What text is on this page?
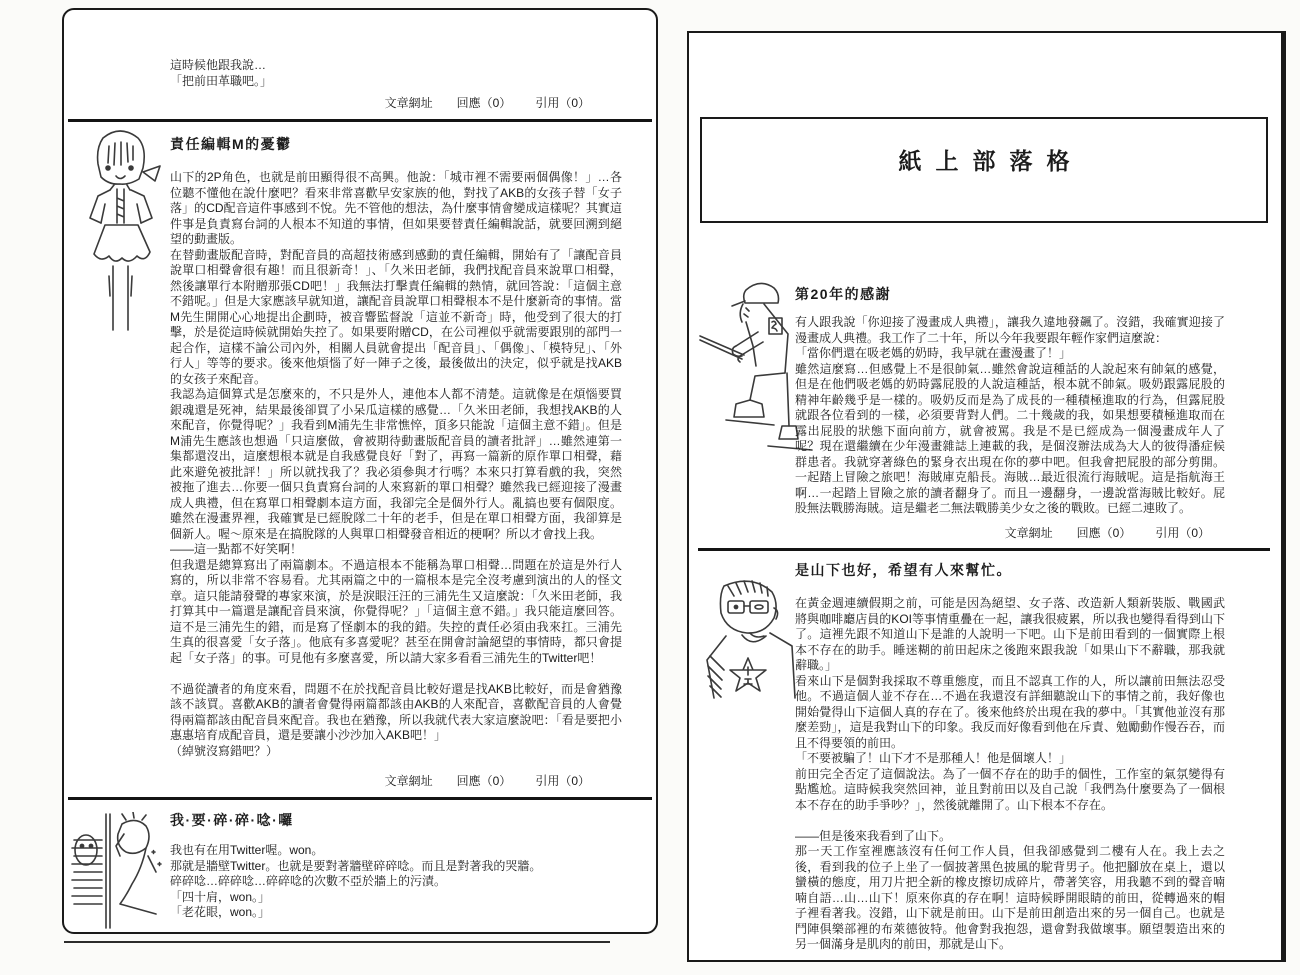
這時候他跟我說…

「把前田革職吧。」

文章網址 回應（0） 引用（0）
責任編輯M的憂鬱

山下的2P角色，也就是前田顯得很不高興。他說：「城市裡不需要兩個偶像！」…各位聽不懂他在說什麼吧？看來非常喜歡早安家族的他，對找了AKB的女孩子替「女子落」的CD配音這件事感到不悅。先不管他的想法，為什麼事情會變成這樣呢？其實這件事是負責寫台詞的人根本不知道的事情，但如果要替責任編輯說話，就要回溯到絕望的動畫版。

在替動畫版配音時，對配音員的高超技術感到感動的責任編輯，開始有了「讓配音員說單口相聲會很有趣！而且很新奇！」、「久米田老師，我們找配音員來說單口相聲，然後讓單行本附贈那張CD吧！」我無法打擊責任編輯的熱情，就回答說：「這個主意不錯呢。」但是大家應該早就知道，讓配音員說單口相聲根本不是什麼新奇的事情。當M先生開開心心地提出企劃時，被音響監督說「這並不新奇」時，他受到了很大的打擊，於是從這時候就開始失控了。如果要附贈CD，在公司裡似乎就需要跟別的部門一起合作，這樣不論公司內外，相關人員就會提出「配音員」、「偶像」、「模特兒」、「外行人」等等的要求。後來他煩惱了好一陣子之後，最後做出的決定，似乎就是找AKB的女孩子來配音。

我認為這個算式是怎麼來的，不只是外人，連他本人都不清楚。這就像是在煩惱要買銀魂還是死神，結果最後卻買了小呆瓜這樣的感覺…「久米田老師，我想找AKB的人來配音，你覺得呢？」我看到M浦先生非常憔悴，頂多只能說「這個主意不錯」。但是M浦先生應該也想過「只這麼做，會被期待動畫版配音員的讀者批評」…雖然連第一集都還沒出，這麼想根本就是自我感覺良好「對了，再寫一篇新的原作單口相聲，藉此來避免被批評！」所以就找我了？我必須參與才行嗎？本來只打算看戲的我，突然被拖了進去…你要一個只負責寫台詞的人來寫新的單口相聲？雖然我已經迎接了漫畫成人典禮，但在寫單口相聲劇本這方面，我卻完全是個外行人。亂搞也要有個限度。雖然在漫畫界裡，我確實是已經脫隊二十年的老手，但是在單口相聲方面，我卻算是個新人。喔～原來是在搞脫隊的人與單口相聲發音相近的梗啊？所以才會找上我。

——這一點都不好笑啊！

但我還是總算寫出了兩篇劇本。不過這根本不能稱為單口相聲…問題在於這是外行人寫的，所以非常不容易看。尤其兩篇之中的一篇根本是完全沒考慮到演出的人的怪文章。這只能請發聲的專家來演，於是淚眼汪汪的三浦先生又這麼說：「久米田老師，我打算其中一篇還是讓配音員來演，你覺得呢？」「這個主意不錯。」我只能這麼回答。這不是三浦先生的錯，而是寫了怪劇本的我的錯。失控的責任必須由我來扛。三浦先生真的很喜愛「女子落」。他底有多喜愛呢？甚至在開會討論絕望的事情時，都只會提起「女子落」的事。可見他有多麼喜愛，所以請大家多看看三浦先生的Twitter吧！

不過從讀者的角度來看，問題不在於找配音員比較好還是找AKB比較好，而是會猶豫該不該買。喜歡AKB的讀者會覺得兩篇都該由AKB的人來配音，喜歡配音員的人會覺得兩篇都該由配音員來配音。我也在猶豫，所以我就代表大家這麼說吧：「看是要把小惠惠培育成配音員，還是要讓小沙沙加入AKB吧！」

（綽號沒寫錯吧？）

文章網址 回應（0） 引用（0）
我·要·碎·碎·唸·囉

我也有在用Twitter喔。won。

那就是牆壁Twitter。也就是要對著牆壁碎碎唸。而且是對著我的哭牆。

碎碎唸…碎碎唸…碎碎唸的次數不亞於牆上的污漬。

「四十肩，won。」

「老花眼，won。」

紙上部落格
第20年的感謝

有人跟我說「你迎接了漫畫成人典禮」，讓我久違地發飆了。沒錯，我確實迎接了漫畫成人典禮。我工作了二十年，所以今年我要跟年輕作家們這麼說：

「當你們還在吸老媽的奶時，我早就在畫漫畫了！」

雖然這麼寫…但感覺上不是很帥氣…雖然會說這種話的人說起來有帥氣的感覺，但是在他們吸老媽的奶時露屁股的人說這種話，根本就不帥氣。吸奶跟露屁股的精神年齡幾乎是一樣的。吸奶反而是為了成長的一種積極進取的行為，但露屁股就跟各位看到的一樣，必須要背對人們。二十幾歲的我，如果想要積極進取而在露出屁股的狀態下面向前方，就會被罵。我是不是已經成為一個漫畫成年人了呢？現在還繼續在少年漫畫雜誌上連載的我，是個沒辦法成為大人的彼得潘症候群患者。我就穿著綠色的緊身衣出現在你的夢中吧。但我會把屁股的部分剪開。一起踏上冒險之旅吧！海賊庫克船長。海賊…最近很流行海賊呢。這是指航海王啊…一起踏上冒險之旅的讀者翻身了。而且一邊翻身，一邊說當海賊比較好。屁股無法戰勝海賊。這是繼老二無法戰勝美少女之後的戰敗。已經二連敗了。

文章網址 回應（0） 引用（0）
是山下也好，希望有人來幫忙。

在黃金週連續假期之前，可能是因為絕望、女子落、改造新人類新裝版、戰國武將與咖啡廳店員的KOI等事情重疊在一起，讓我很疲累，所以我也變得看得到山下了。這裡先跟不知道山下是誰的人說明一下吧。山下是前田看到的一個實際上根本不存在的助手。睡迷糊的前田起床之後跑來跟我說「如果山下不辭職，那我就辭職。」

看來山下是個對我採取不尊重態度，而且不認真工作的人，所以讓前田無法忍受他。不過這個人並不存在…不過在我還沒有詳細聽說山下的事情之前，我好像也開始覺得山下這個人真的存在了。後來他終於出現在我的夢中。「其實他並沒有那麼差勁」，這是我對山下的印象。我反而好像看到他在斥責、勉勵動作慢吞吞，而且不得要領的前田。

「不要被騙了！山下才不是那種人！他是個壞人！」

前田完全否定了這個說法。為了一個不存在的助手的個性，工作室的氣氛變得有點尷尬。這時候我突然回神，並且對前田以及自己說「我們為什麼要為了一個根本不存在的助手爭吵？」，然後就離開了。山下根本不存在。

——但是後來我看到了山下。

那一天工作室裡應該沒有任何工作人員，但我卻感覺到二樓有人在。我上去之後，看到我的位子上坐了一個披著黑色披風的駝背男子。他把腳放在桌上，還以蠻橫的態度，用刀片把全新的橡皮擦切成碎片，帶著笑容，用我聽不到的聲音喃喃自語…山…山下！原來你真的存在啊！這時候睜開眼睛的前田，從轉過來的帽子裡看著我。沒錯，山下就是前田。山下是前田創造出來的另一個自己。也就是鬥陣俱樂部裡的布萊德彼特。他會對我抱怨，還會對我做壞事。願望製造出來的另一個滿身是肌肉的前田，那就是山下。
